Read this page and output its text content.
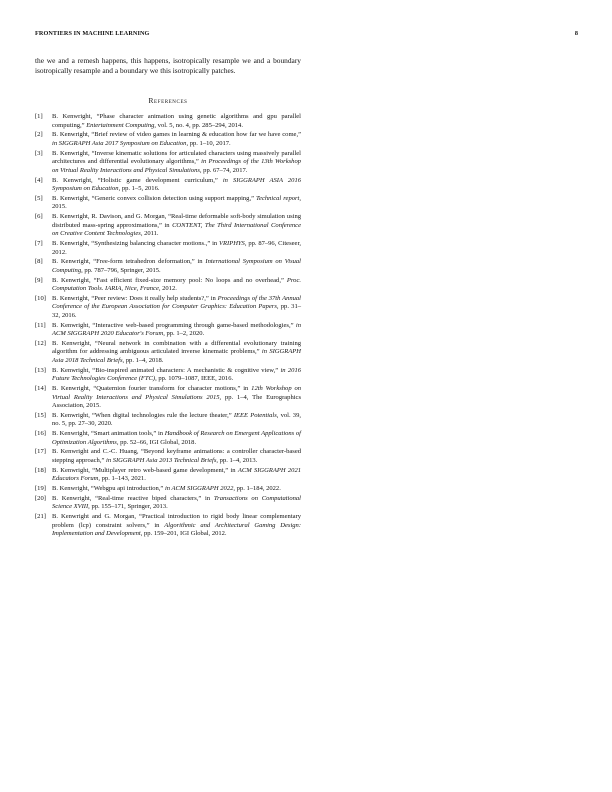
FRONTIERS IN MACHINE LEARNING	8

the we and a remesh happens, this happens, isotropically resample we and a boundary isotropically resample and a boundary we this isotropically patches.

References
[1]	B. Kenwright, “Phase character animation using genetic algorithms and gpu parallel computing,” Entertainment Computing, vol. 5, no. 4, pp. 285–294, 2014.
[2]	B. Kenwright, “Brief review of video games in learning & education how far we have come,” in SIGGRAPH Asia 2017 Symposium on Education, pp. 1–10, 2017.
[3]	B. Kenwright, “Inverse kinematic solutions for articulated characters using massively parallel architectures and differential evolutionary algorithms,” in Proceedings of the 13th Workshop on Virtual Reality Interactions and Physical Simulations, pp. 67–74, 2017.
[4]	B. Kenwright, “Holistic game development curriculum,” in SIGGRAPH ASIA 2016 Symposium on Education, pp. 1–5, 2016.
[5]	B. Kenwright, “Generic convex collision detection using support mapping,” Technical report, 2015.
[6]	B. Kenwright, R. Davison, and G. Morgan, “Real-time deformable soft-body simulation using distributed mass-spring approximations,” in CONTENT, The Third International Conference on Creative Content Technologies, 2011.
[7]	B. Kenwright, “Synthesizing balancing character motions.,” in VRIPHYS, pp. 87–96, Citeseer, 2012.
[8]	B. Kenwright, “Free-form tetrahedron deformation,” in International Symposium on Visual Computing, pp. 787–796, Springer, 2015.
[9]	B. Kenwright, “Fast efficient fixed-size memory pool: No loops and no overhead,” Proc. Computation Tools. IARIA, Nice, France, 2012.
[10] B. Kenwright, “Peer review: Does it really help students?,” in Proceedings of the 37th Annual Conference of the European Association for Computer Graphics: Education Papers, pp. 31–32, 2016.
[11] B. Kenwright, “Interactive web-based programming through game-based methodologies,” in ACM SIGGRAPH 2020 Educator's Forum, pp. 1–2, 2020.
[12] B. Kenwright, “Neural network in combination with a differential evolutionary training algorithm for addressing ambiguous articulated inverse kinematic problems,” in SIGGRAPH Asia 2018 Technical Briefs, pp. 1–4, 2018.
[13] B. Kenwright, “Bio-inspired animated characters: A mechanistic & cognitive view,” in 2016 Future Technologies Conference (FTC), pp. 1079–1087, IEEE, 2016.
[14] B. Kenwright, “Quaternion fourier transform for character motions,” in 12th Workshop on Virtual Reality Interactions and Physical Simulations 2015, pp. 1–4, The Eurographics Association, 2015.
[15] B. Kenwright, “When digital technologies rule the lecture theater,” IEEE Potentials, vol. 39, no. 5, pp. 27–30, 2020.
[16] B. Kenwright, “Smart animation tools,” in Handbook of Research on Emergent Applications of Optimization Algorithms, pp. 52–66, IGI Global, 2018.
[17] B. Kenwright and C.-C. Huang, “Beyond keyframe animations: a controller character-based stepping approach,” in SIGGRAPH Asia 2013 Technical Briefs, pp. 1–4, 2013.
[18] B. Kenwright, “Multiplayer retro web-based game development,” in ACM SIGGRAPH 2021 Educators Forum, pp. 1–143, 2021.
[19] B. Kenwright, “Webgpu api introduction,” in ACM SIGGRAPH 2022, pp. 1–184, 2022.
[20] B. Kenwright, “Real-time reactive biped characters,” in Transactions on Computational Science XVIII, pp. 155–171, Springer, 2013.
[21] B. Kenwright and G. Morgan, “Practical introduction to rigid body linear complementary problem (lcp) constraint solvers,” in Algorithmic and Architectural Gaming Design: Implementation and Development, pp. 159–201, IGI Global, 2012.
